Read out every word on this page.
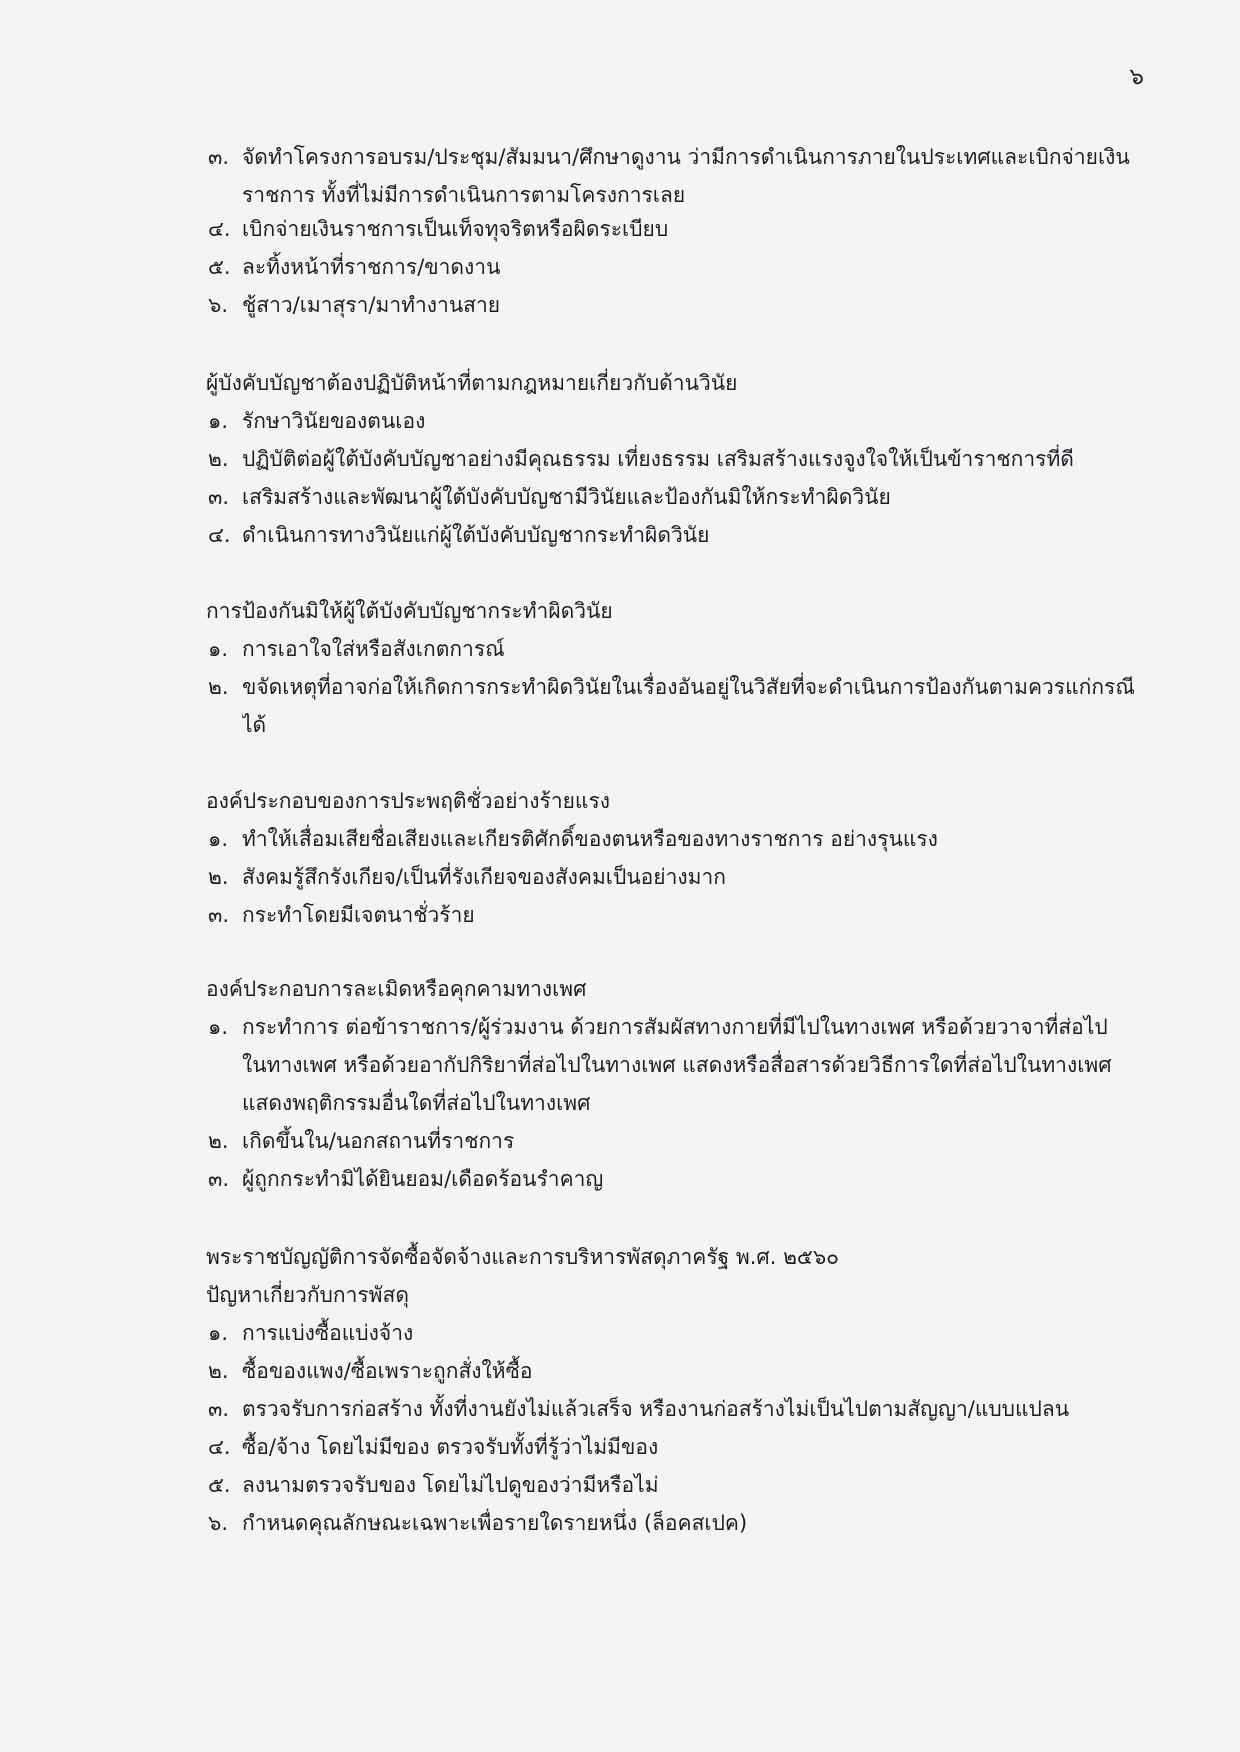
๖
๓. จัดทำโครงการอบรม/ประชุม/สัมมนา/ศึกษาดูงาน ว่ามีการดำเนินการภายในประเทศและเบิกจ่ายเงิน
ราชการ ทั้งที่ไม่มีการดำเนินการตามโครงการเลย
๔. เบิกจ่ายเงินราชการเป็นเท็จทุจริตหรือผิดระเบียบ
๕. ละทิ้งหน้าที่ราชการ/ขาดงาน
๖. ชู้สาว/เมาสุรา/มาทำงานสาย
ผู้บังคับบัญชาต้องปฏิบัติหน้าที่ตามกฎหมายเกี่ยวกับด้านวินัย
๑. รักษาวินัยของตนเอง
๒. ปฏิบัติต่อผู้ใต้บังคับบัญชาอย่างมีคุณธรรม เที่ยงธรรม เสริมสร้างแรงจูงใจให้เป็นข้าราชการที่ดี
๓. เสริมสร้างและพัฒนาผู้ใต้บังคับบัญชามีวินัยและป้องกันมิให้กระทำผิดวินัย
๔. ดำเนินการทางวินัยแก่ผู้ใต้บังคับบัญชากระทำผิดวินัย
การป้องกันมิให้ผู้ใต้บังคับบัญชากระทำผิดวินัย
๑. การเอาใจใส่หรือสังเกตการณ์
๒. ขจัดเหตุที่อาจก่อให้เกิดการกระทำผิดวินัยในเรื่องอันอยู่ในวิสัยที่จะดำเนินการป้องกันตามควรแก่กรณี
ได้
องค์ประกอบของการประพฤติชั่วอย่างร้ายแรง
๑. ทำให้เสื่อมเสียชื่อเสียงและเกียรติศักดิ์ของตนหรือของทางราชการ อย่างรุนแรง
๒. สังคมรู้สึกรังเกียจ/เป็นที่รังเกียจของสังคมเป็นอย่างมาก
๓. กระทำโดยมีเจตนาชั่วร้าย
องค์ประกอบการละเมิดหรือคุกคามทางเพศ
๑. กระทำการ ต่อข้าราชการ/ผู้ร่วมงาน ด้วยการสัมผัสทางกายที่มีไปในทางเพศ หรือด้วยวาจาที่ส่อไป
ในทางเพศ หรือด้วยอากัปกิริยาที่ส่อไปในทางเพศ แสดงหรือสื่อสารด้วยวิธีการใดที่ส่อไปในทางเพศ
แสดงพฤติกรรมอื่นใดที่ส่อไปในทางเพศ
๒. เกิดขึ้นใน/นอกสถานที่ราชการ
๓. ผู้ถูกกระทำมิได้ยินยอม/เดือดร้อนรำคาญ
พระราชบัญญัติการจัดซื้อจัดจ้างและการบริหารพัสดุภาครัฐ พ.ศ. ๒๕๖๐
ปัญหาเกี่ยวกับการพัสดุ
๑. การแบ่งซื้อแบ่งจ้าง
๒. ซื้อของแพง/ซื้อเพราะถูกสั่งให้ซื้อ
๓. ตรวจรับการก่อสร้าง ทั้งที่งานยังไม่แล้วเสร็จ หรืองานก่อสร้างไม่เป็นไปตามสัญญา/แบบแปลน
๔. ซื้อ/จ้าง โดยไม่มีของ ตรวจรับทั้งที่รู้ว่าไม่มีของ
๕. ลงนามตรวจรับของ โดยไม่ไปดูของว่ามีหรือไม่
๖. กำหนดคุณลักษณะเฉพาะเพื่อรายใดรายหนึ่ง (ล็อคสเปค)
